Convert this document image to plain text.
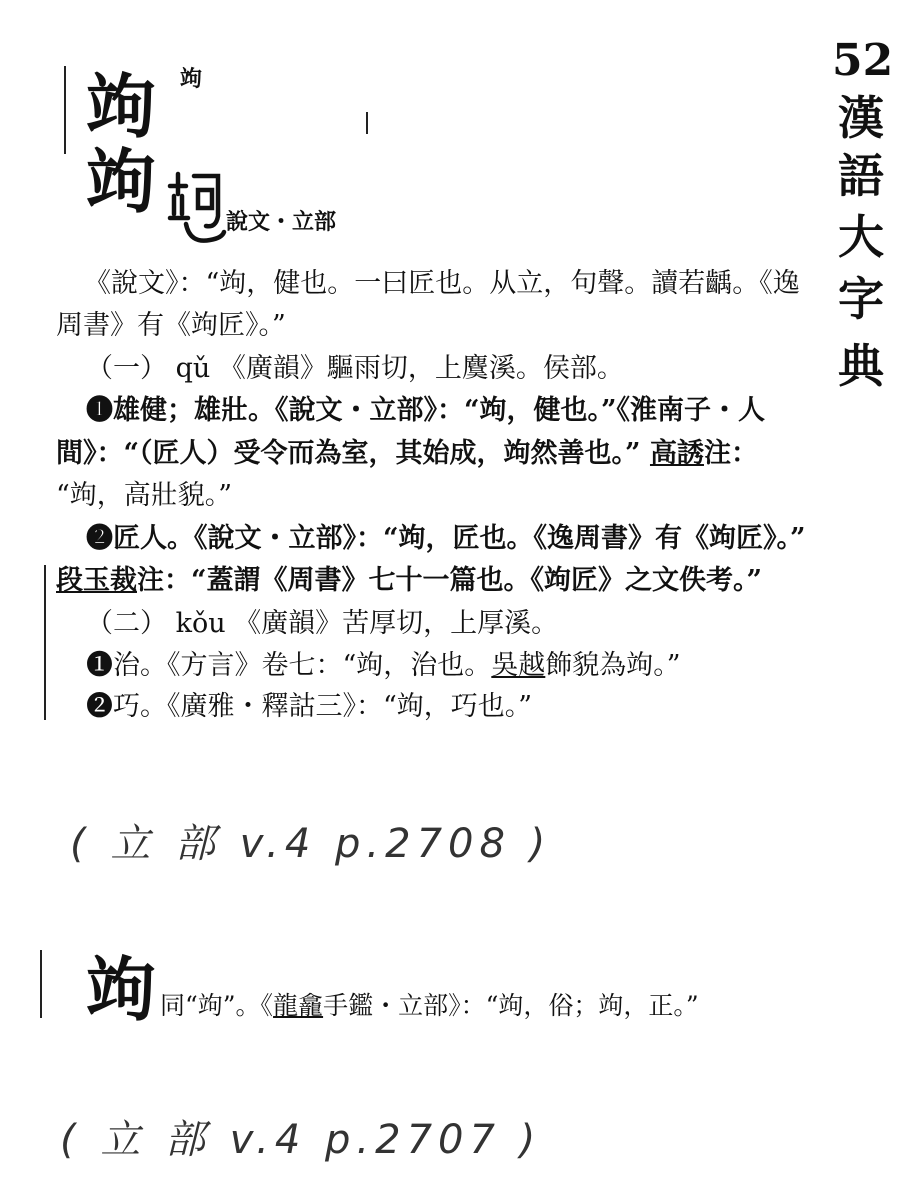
52
漢
語
大
字
典
竘 竘
竘	說文・立部
《說文》：“竘，健也。一曰匠也。从立，句聲。讀若齲。《逸
周書》有《竘匠》。”
（一） qǔ 《廣韻》驅雨切，上麌溪。侯部。
❶雄健；雄壯。《說文・立部》：“竘，健也。”《淮南子・人
間》：“（匠人）受令而為室，其始成，竘然善也。” 高誘注：
“竘，高壯貌。”
❷匠人。《說文・立部》：“竘，匠也。《逸周書》有《竘匠》。”
段玉裁注：“蓋謂《周書》七十一篇也。《竘匠》之文佚考。”
（二） kǒu 《廣韻》苦厚切，上厚溪。
❶治。《方言》卷七：“竘，治也。吳越飾貌為竘。”
❷巧。《廣雅・釋詁三》：“竘，巧也。”
( 立 部 v.4 p.2708 )
竘 同“竘”。《龍龕手鑑・立部》：“竘，俗；竘，正。”
( 立 部 v.4 p.2707 )
